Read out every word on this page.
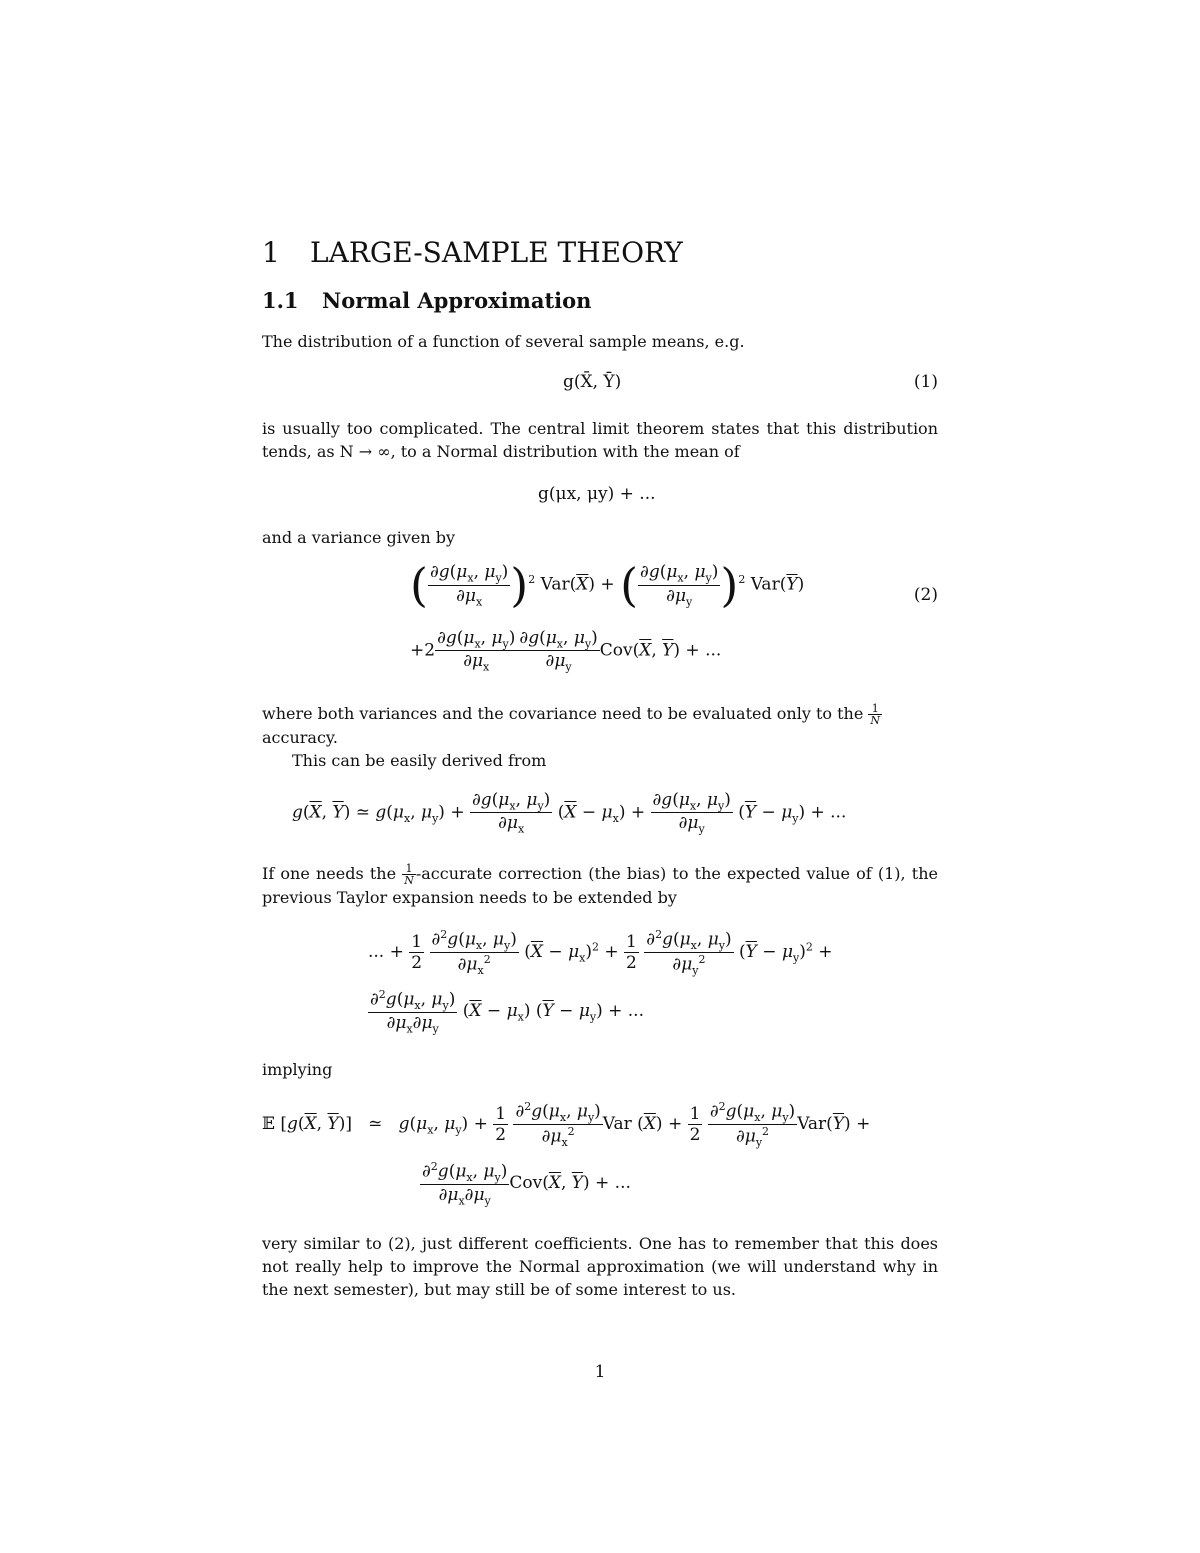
1 LARGE-SAMPLE THEORY
1.1 Normal Approximation
The distribution of a function of several sample means, e.g.
g(X̄, Ȳ)	(1)
is usually too complicated. The central limit theorem states that this distribution tends, as N → ∞, to a Normal distribution with the mean of
g(μx, μy) + ...
and a variance given by
( $\frac{\partial g(\mu_x, \mu_y)}{\partial\mu_x} )^2$ $Var(\overline{X})$ + ( $\frac{\partial g(\mu_x, \mu_y)}{\partial\mu_y} )^2$ $Var(\overline{Y})$
(2)
$+2 \frac{\partial g(\mu_x, \mu_y)}{\partial\mu_x} \frac{\partial g(\mu_x, \mu_y)}{\partial\mu_y} Cov(\overline{X}$, $\overline{Y}$) + ...
where both variances and the covariance need to be evaluated only to the $\frac{1}{N}$

accuracy.
This can be easily derived from
$g(\overline{X}$, $\overline{Y}$) ≃ $g(\mu_x$, $\mu_y) + \frac{\partial g(\mu_x, \mu_y)}{\partial\mu_x} (\overline{X} - \mu_x) + \frac{\partial g(\mu_x, \mu_y)}{\partial\mu_y} (\overline{Y} - \mu_y)$ + ...
If one needs the $\frac{1}{N}$ -accurate correction (the bias) to the expected value of (1), the previous Taylor expansion needs to be extended by
... + $\frac{1}{2}$
$\frac{\partial^2g(\mu_x, \mu_y)}{\partial\mu_x^2} (\overline{X} - \mu_x)^2 + \frac{1}{2}$
$\frac{\partial^2g(\mu_x, \mu_y)}{\partial\mu_y^2} (\overline{Y} - \mu_y)^2$ +
$\frac{\partial^2g(\mu_x, \mu_y)}{\partial\mu_x\partial\mu_y} (\overline{X} - \mu_x) (\overline{Y} - \mu_y)$ + ...
implying
𝔼 [$g(\overline{X}$, $\overline{Y}$)]   ≃   $g(\mu_x$, $\mu_y) + \frac{1}{2}$
$\frac{\partial^2g(\mu_x, \mu_y)}{\partial\mu_x^2}$ Var $(\overline{X}) + \frac{1}{2}$
$\frac{\partial^2g(\mu_x, \mu_y)}{\partial\mu_y^2} Var(\overline{Y})$ +
$\frac{\partial^2g(\mu_x, \mu_y)}{\partial\mu_x\partial\mu_y} Cov(\overline{X}$, $\overline{Y}$) + ...
very similar to (2), just different coefficients. One has to remember that this does not really help to improve the Normal approximation (we will understand why in the next semester), but may still be of some interest to us.
1
